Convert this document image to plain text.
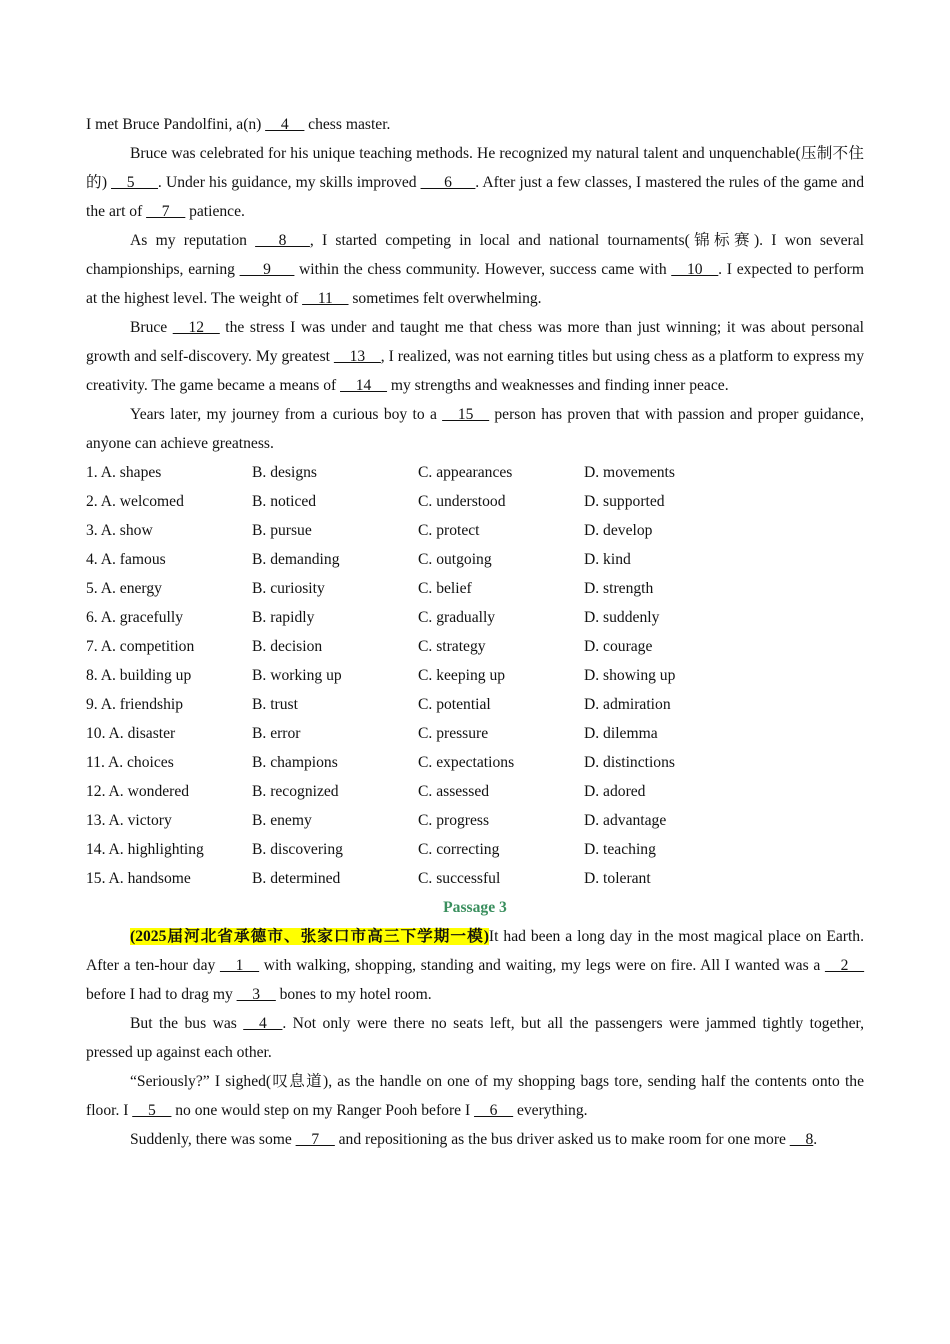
I met Bruce Pandolfini, a(n) __4__ chess master.

Bruce was celebrated for his unique teaching methods. He recognized my natural talent and unquenchable(压制不住的) __5___. Under his guidance, my skills improved ___6___. After just a few classes, I mastered the rules of the game and the art of __7__ patience.

As my reputation ___8___, I started competing in local and national tournaments(锦标赛). I won several championships, earning ___9___ within the chess community. However, success came with __10__. I expected to perform at the highest level. The weight of __11__ sometimes felt overwhelming.

Bruce __12__ the stress I was under and taught me that chess was more than just winning; it was about personal growth and self-discovery. My greatest __13__, I realized, was not earning titles but using chess as a platform to express my creativity. The game became a means of __14__ my strengths and weaknesses and finding inner peace.

Years later, my journey from a curious boy to a __15__ person has proven that with passion and proper guidance, anyone can achieve greatness.

1. A. shapes	B. designs	C. appearances	D. movements
2. A. welcomed	B. noticed	C. understood	D. supported
3. A. show	B. pursue	C. protect	D. develop
4. A. famous	B. demanding	C. outgoing	D. kind
5. A. energy	B. curiosity	C. belief	D. strength
6. A. gracefully	B. rapidly	C. gradually	D. suddenly
7. A. competition	B. decision	C. strategy	D. courage
8. A. building up	B. working up	C. keeping up	D. showing up
9. A. friendship	B. trust	C. potential	D. admiration
10. A. disaster	B. error	C. pressure	D. dilemma
11. A. choices	B. champions	C. expectations	D. distinctions
12. A. wondered	B. recognized	C. assessed	D. adored
13. A. victory	B. enemy	C. progress	D. advantage
14. A. highlighting	B. discovering	C. correcting	D. teaching
15. A. handsome	B. determined	C. successful	D. tolerant
Passage 3

(2025届河北省承德市、张家口市高三下学期一模)It had been a long day in the most magical place on Earth. After a ten-hour day __1__ with walking, shopping, standing and waiting, my legs were on fire. All I wanted was a __2__ before I had to drag my __3__ bones to my hotel room.

But the bus was __4__. Not only were there no seats left, but all the passengers were jammed tightly together, pressed up against each other.

“Seriously?” I sighed(叹息道), as the handle on one of my shopping bags tore, sending half the contents onto the floor. I __5__ no one would step on my Ranger Pooh before I __6__ everything.

Suddenly, there was some __7__ and repositioning as the bus driver asked us to make room for one more __8.
